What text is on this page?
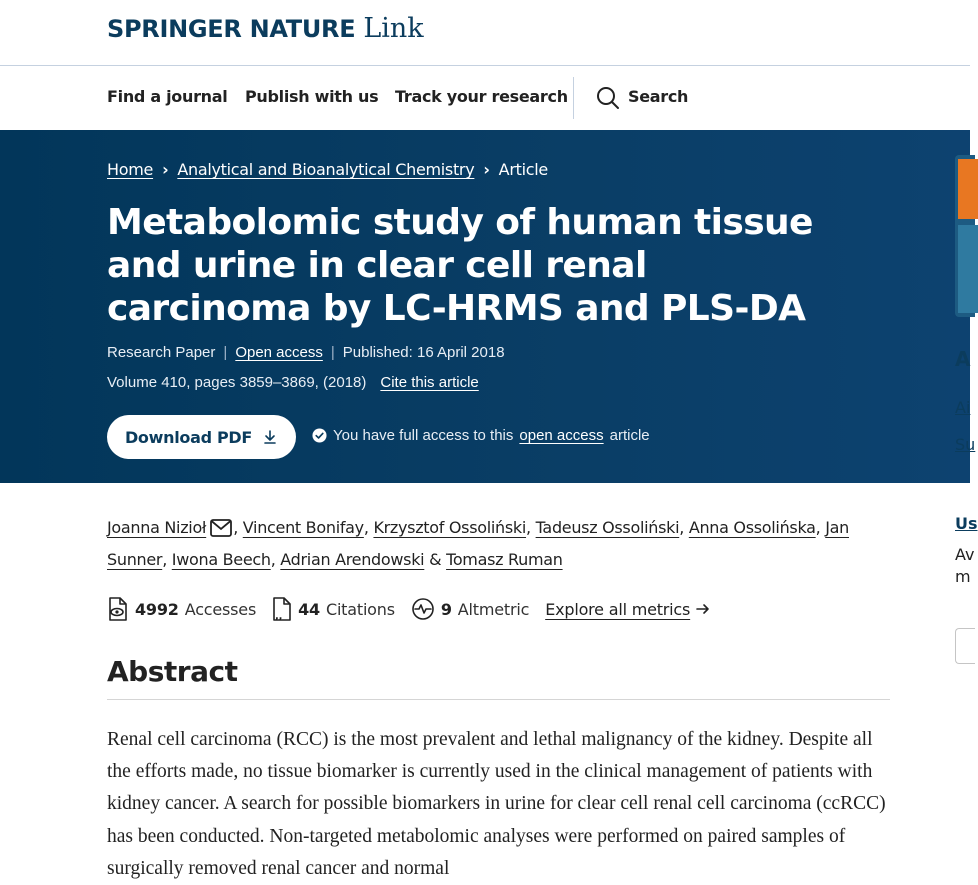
SPRINGER NATURE Link
Find a journal Publish with us Track your research	Search
Home › Analytical and Bioanalytical Chemistry › Article
Metabolomic study of human tissue and urine in clear cell renal carcinoma by LC-HRMS and PLS-DA
Research Paper | Open access | Published: 16 April 2018
Volume 410, pages 3859–3869, (2018) Cite this article
Download PDF	You have full access to this open access article
A
Ai
Su
Us
Av
m
Joanna Nizioł , Vincent Bonifay, Krzysztof Ossoliński, Tadeusz Ossoliński, Anna Ossolińska, Jan Sunner, Iwona Beech, Adrian Arendowski & Tomasz Ruman
4992 Accesses ,, 44 Citations	9 Altmetric Explore all metrics
Abstract

Renal cell carcinoma (RCC) is the most prevalent and lethal malignancy of the kidney. Despite all the efforts made, no tissue biomarker is currently used in the clinical management of patients with kidney cancer. A search for possible biomarkers in urine for clear cell renal cell carcinoma (ccRCC) has been conducted. Non-targeted metabolomic analyses were performed on paired samples of surgically removed renal cancer and normal
